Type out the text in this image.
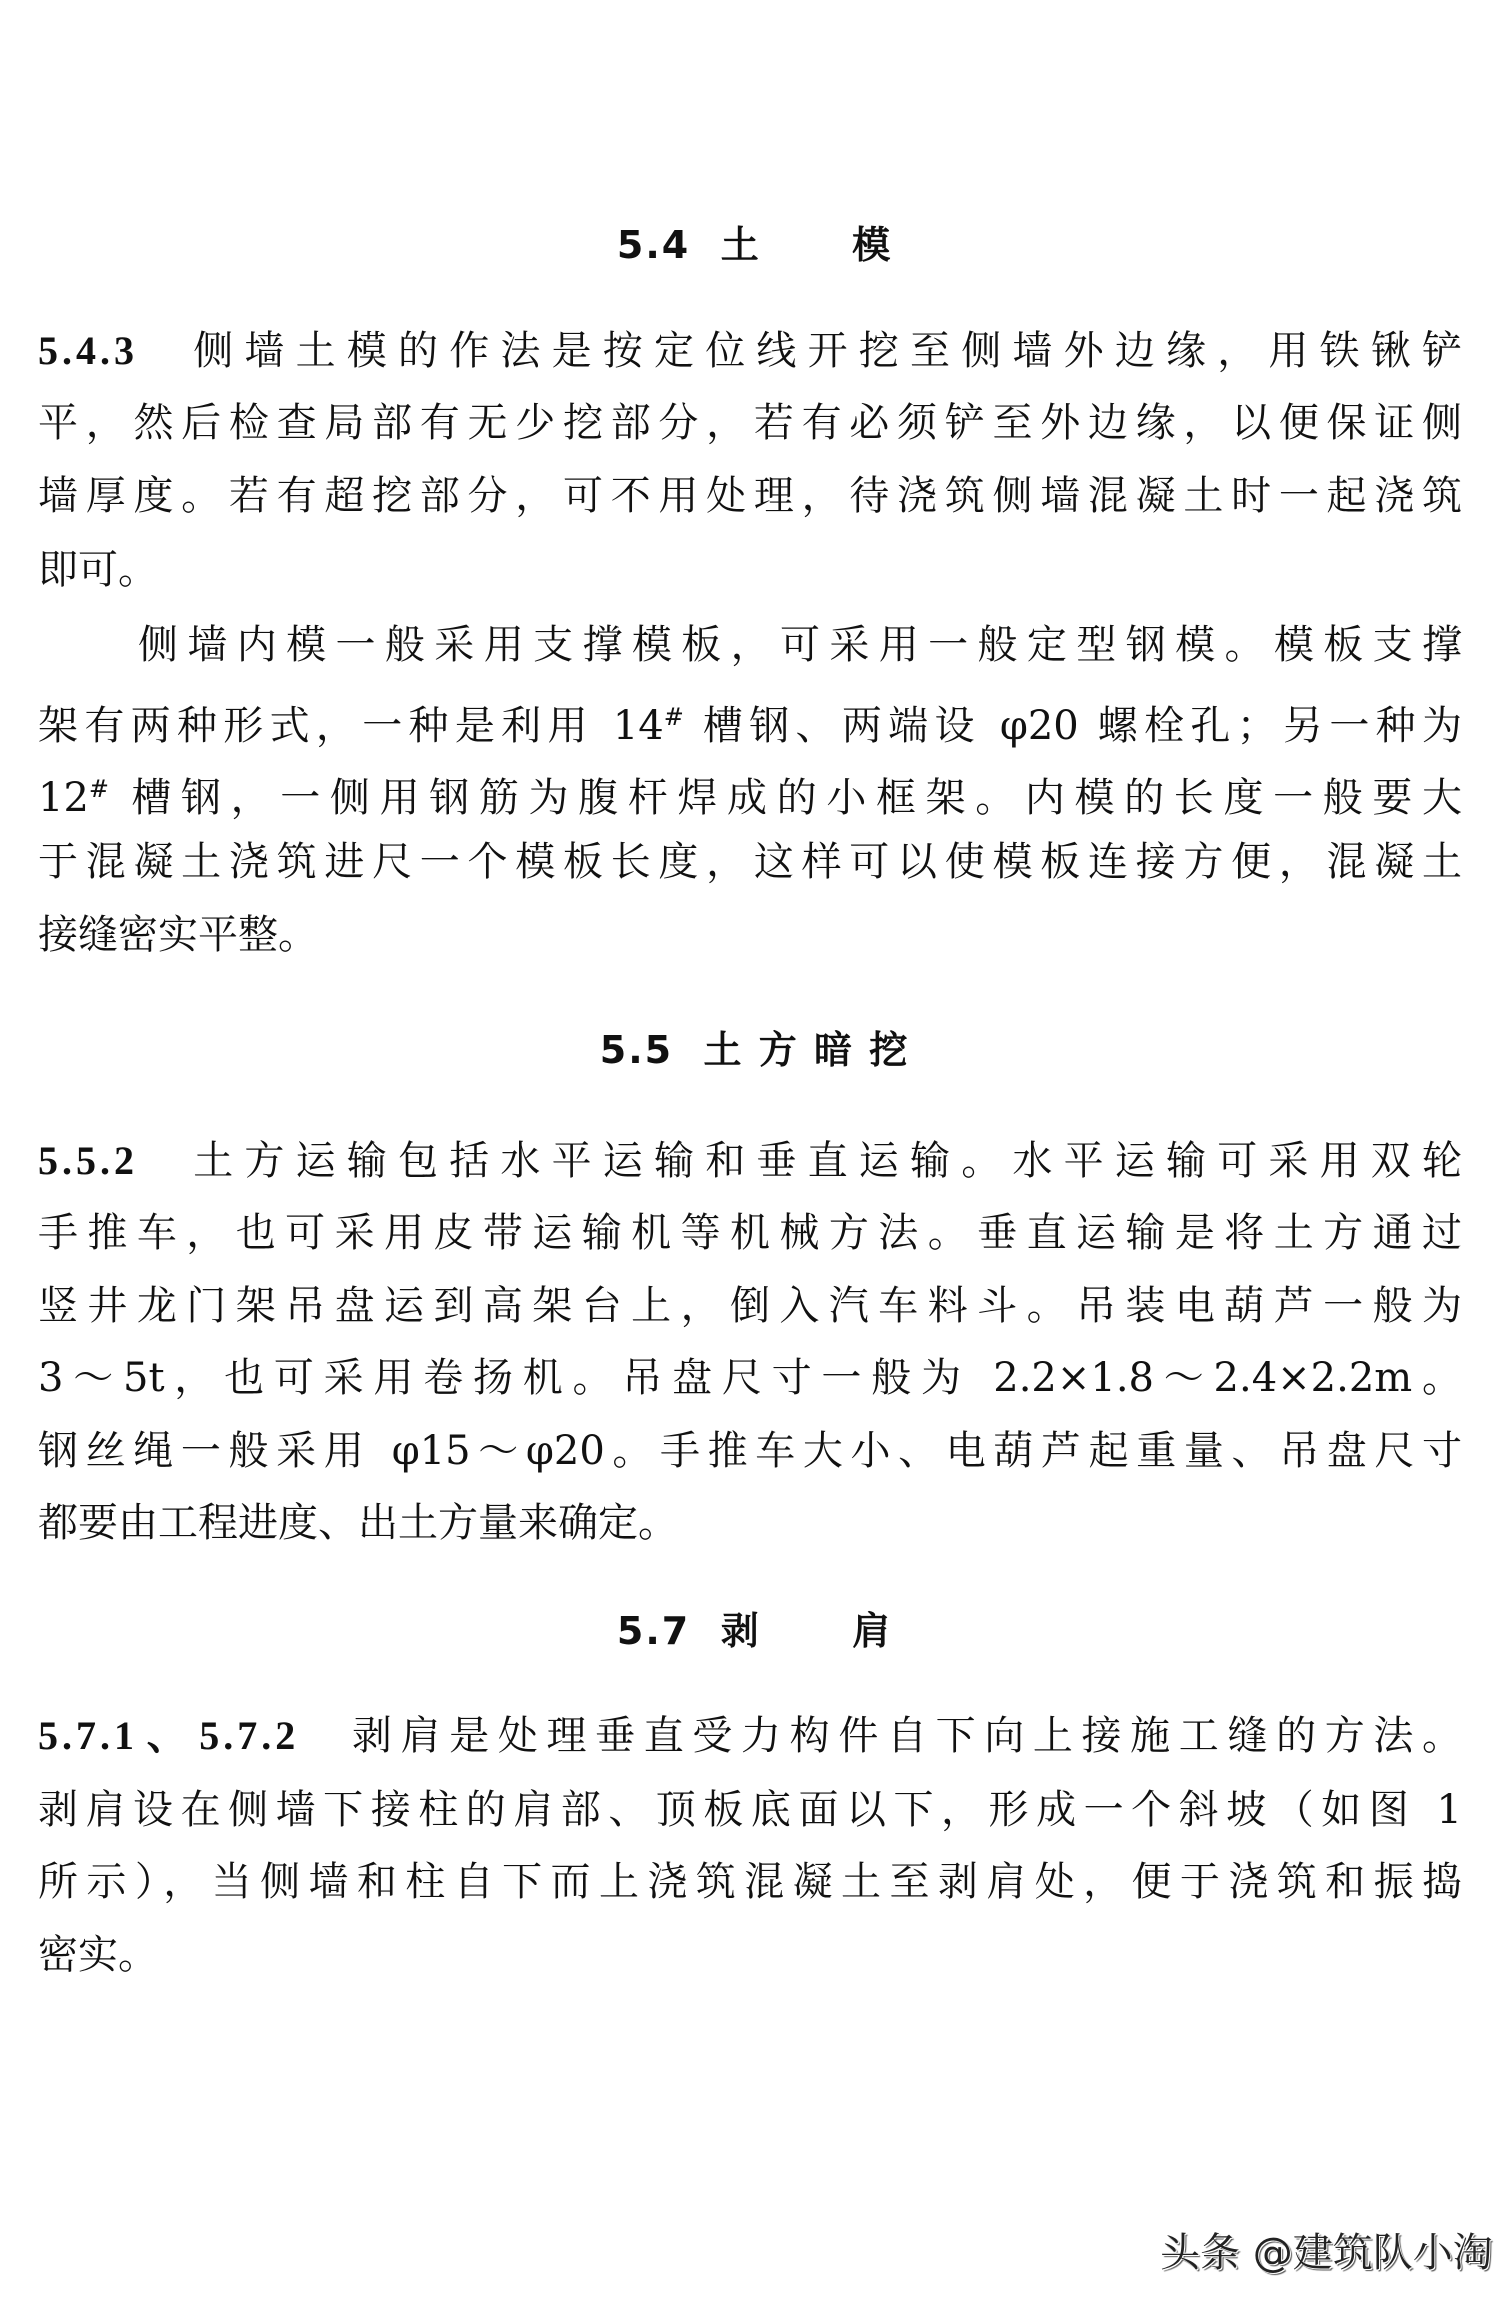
5.4  土      模
5.4.3 侧墙土模的作法是按定位线开挖至侧墙外边缘，用铁锹铲
平，然后检查局部有无少挖部分，若有必须铲至外边缘，以便保证侧
墙厚度。若有超挖部分，可不用处理，待浇筑侧墙混凝土时一起浇筑
即可。
侧墙内模一般采用支撑模板，可采用一般定型钢模。模板支撑
架有两种形式，一种是利用 14# 槽钢、两端设 φ20 螺栓孔；另一种为
12# 槽钢，一侧用钢筋为腹杆焊成的小框架。内模的长度一般要大
于混凝土浇筑进尺一个模板长度，这样可以使模板连接方便，混凝土
接缝密实平整。
5.5  土 方 暗 挖
5.5.2 土方运输包括水平运输和垂直运输。水平运输可采用双轮
手推车，也可采用皮带运输机等机械方法。垂直运输是将土方通过
竖井龙门架吊盘运到高架台上，倒入汽车料斗。吊装电葫芦一般为
3～5t，也可采用卷扬机。吊盘尺寸一般为 2.2×1.8～2.4×2.2m。
钢丝绳一般采用 φ15～φ20。手推车大小、电葫芦起重量、吊盘尺寸
都要由工程进度、出土方量来确定。
5.7  剥      肩
5.7.1、5.7.2 剥肩是处理垂直受力构件自下向上接施工缝的方法。
剥肩设在侧墙下接柱的肩部、顶板底面以下，形成一个斜坡（如图 1
所示），当侧墙和柱自下而上浇筑混凝土至剥肩处，便于浇筑和振捣
密实。
头条 @建筑队小淘
